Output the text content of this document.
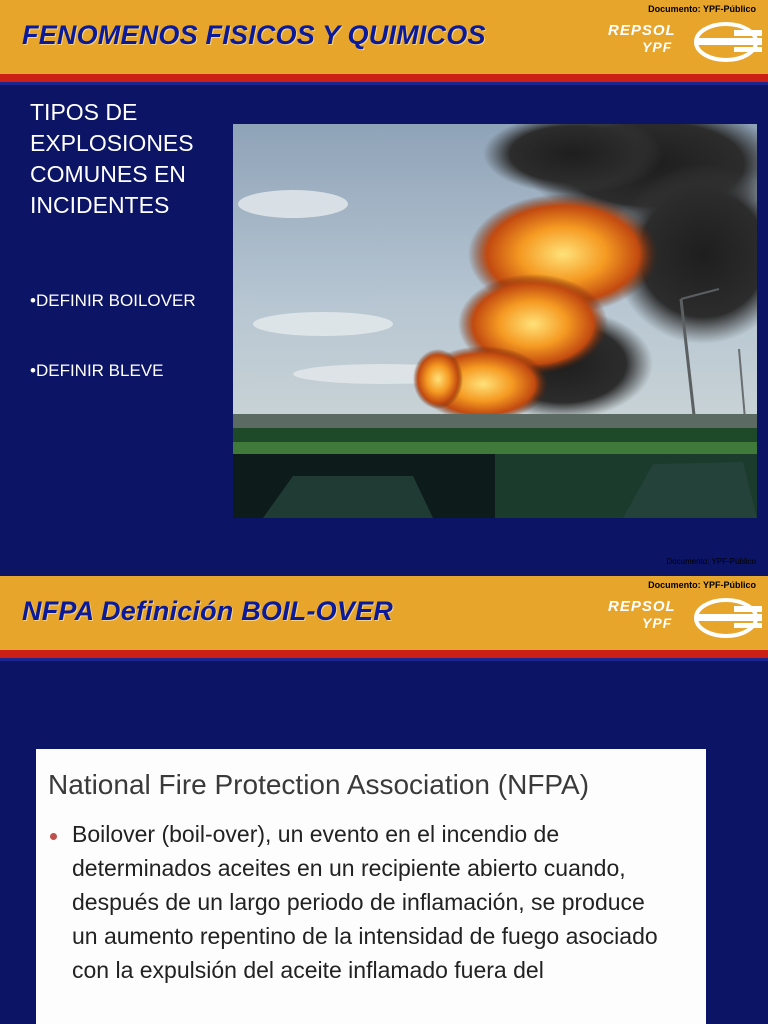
FENOMENOS FISICOS Y QUIMICOS
Documento: YPF-Público
REPSOL
YPF
TIPOS DE
EXPLOSIONES
COMUNES EN
INCIDENTES
•DEFINIR BOILOVER
•DEFINIR BLEVE
Documento: YPF-Público
NFPA Definición BOIL-OVER
Documento: YPF-Público
REPSOL
YPF
National Fire Protection Association (NFPA)
Boilover (boil-over), un evento en el incendio de determinados aceites en un recipiente abierto cuando, después de un largo periodo de inflamación, se produce un aumento repentino de la intensidad de fuego asociado con la expulsión del aceite inflamado fuera del
